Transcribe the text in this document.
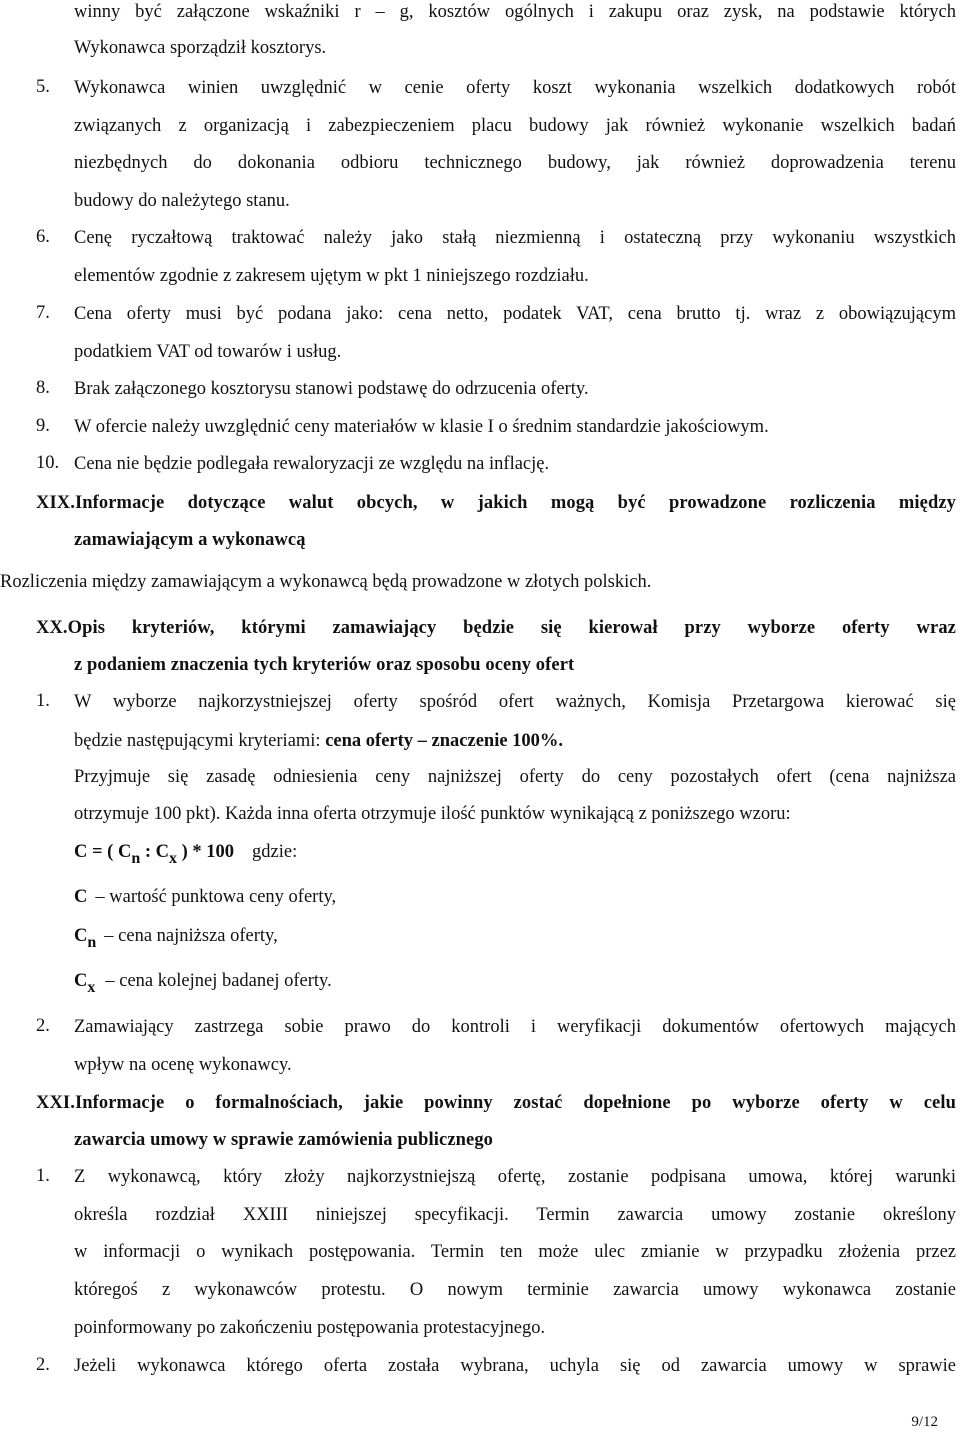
winny być załączone wskaźniki r – g, kosztów ogólnych i zakupu oraz zysk, na podstawie których
Wykonawca sporządził kosztorys.
5. Wykonawca winien uwzględnić w cenie oferty koszt wykonania wszelkich dodatkowych robót
związanych z organizacją i zabezpieczeniem placu budowy jak również wykonanie wszelkich badań
niezbędnych do dokonania odbioru technicznego budowy, jak również doprowadzenia terenu
budowy do należytego stanu.
6. Cenę ryczałtową traktować należy jako stałą niezmienną i ostateczną przy wykonaniu wszystkich
elementów zgodnie z zakresem ujętym w pkt 1 niniejszego rozdziału.
7. Cena oferty musi być podana jako: cena netto, podatek VAT, cena brutto tj. wraz z obowiązującym
podatkiem VAT od towarów i usług.
8. Brak załączonego kosztorysu stanowi podstawę do odrzucenia oferty.
9. W ofercie należy uwzględnić ceny materiałów w klasie I o średnim standardzie jakościowym.
10. Cena nie będzie podlegała rewaloryzacji ze względu na inflację.
XIX.Informacje dotyczące walut obcych, w jakich mogą być prowadzone rozliczenia między
zamawiającym a wykonawcą
Rozliczenia między zamawiającym a wykonawcą będą prowadzone w złotych polskich.
XX.Opis kryteriów, którymi zamawiający będzie się kierował przy wyborze oferty wraz
z podaniem znaczenia tych kryteriów oraz sposobu oceny ofert
1. W wyborze najkorzystniejszej oferty spośród ofert ważnych, Komisja Przetargowa kierować się
będzie następującymi kryteriami: cena oferty – znaczenie 100%.
Przyjmuje się zasadę odniesienia ceny najniższej oferty do ceny pozostałych ofert (cena najniższa
otrzymuje 100 pkt). Każda inna oferta otrzymuje ilość punktów wynikającą z poniższego wzoru:
C = ( Cn : Cx ) * 100 gdzie:
C – wartość punktowa ceny oferty,
Cn – cena najniższa oferty,
Cx – cena kolejnej badanej oferty.
2. Zamawiający zastrzega sobie prawo do kontroli i weryfikacji dokumentów ofertowych mających
wpływ na ocenę wykonawcy.
XXI.Informacje o formalnościach, jakie powinny zostać dopełnione po wyborze oferty w celu
zawarcia umowy w sprawie zamówienia publicznego
1. Z wykonawcą, który złoży najkorzystniejszą ofertę, zostanie podpisana umowa, której warunki
określa rozdział XXIII niniejszej specyfikacji. Termin zawarcia umowy zostanie określony
w informacji o wynikach postępowania. Termin ten może ulec zmianie w przypadku złożenia przez
któregoś z wykonawców protestu. O nowym terminie zawarcia umowy wykonawca zostanie
poinformowany po zakończeniu postępowania protestacyjnego.
2. Jeżeli wykonawca którego oferta została wybrana, uchyla się od zawarcia umowy w sprawie
9/12
